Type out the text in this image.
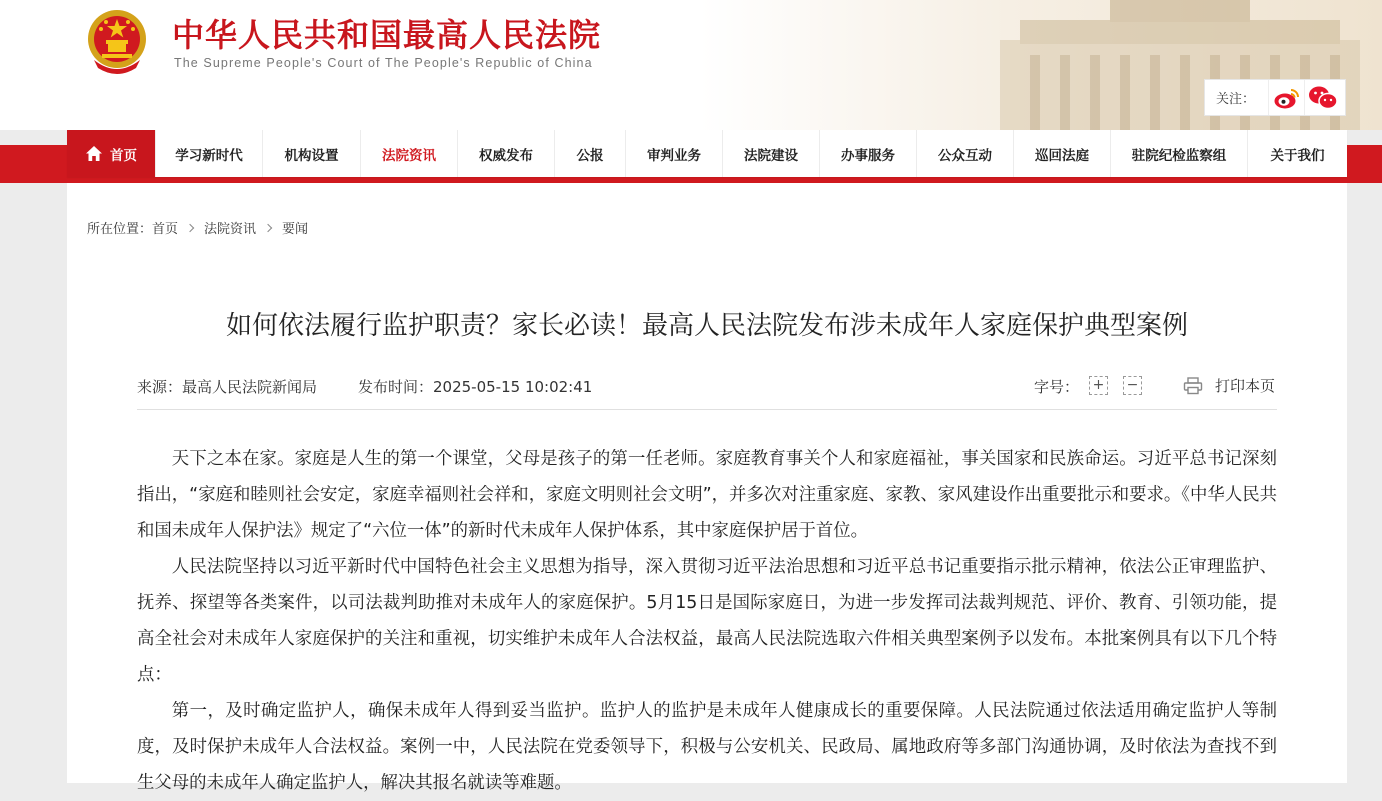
中华人民共和国最高人民法院
The Supreme People's Court of The People's Republic of China
关注：
首页	学习新时代	机构设置	法院资讯	权威发布	公报	审判业务	法院建设	办事服务	公众互动	巡回法庭	驻院纪检监察组	关于我们
所在位置： 首页 法院资讯 要闻
如何依法履行监护职责？家长必读！最高人民法院发布涉未成年人家庭保护典型案例
来源：最高人民法院新闻局	发布时间：2025-05-15 10:02:41	字号： + −	打印本页

天下之本在家。家庭是人生的第一个课堂，父母是孩子的第一任老师。家庭教育事关个人和家庭福祉，事关国家和民族命运。习近平总书记深刻指出，“家庭和睦则社会安定，家庭幸福则社会祥和，家庭文明则社会文明”，并多次对注重家庭、家教、家风建设作出重要批示和要求。《中华人民共和国未成年人保护法》规定了“六位一体”的新时代未成年人保护体系，其中家庭保护居于首位。

人民法院坚持以习近平新时代中国特色社会主义思想为指导，深入贯彻习近平法治思想和习近平总书记重要指示批示精神，依法公正审理监护、抚养、探望等各类案件，以司法裁判助推对未成年人的家庭保护。5月15日是国际家庭日，为进一步发挥司法裁判规范、评价、教育、引领功能，提高全社会对未成年人家庭保护的关注和重视，切实维护未成年人合法权益，最高人民法院选取六件相关典型案例予以发布。本批案例具有以下几个特点：

第一，及时确定监护人，确保未成年人得到妥当监护。监护人的监护是未成年人健康成长的重要保障。人民法院通过依法适用确定监护人等制度，及时保护未成年人合法权益。案例一中，人民法院在党委领导下，积极与公安机关、民政局、属地政府等多部门沟通协调，及时依法为查找不到生父母的未成年人确定监护人，解决其报名就读等难题。
